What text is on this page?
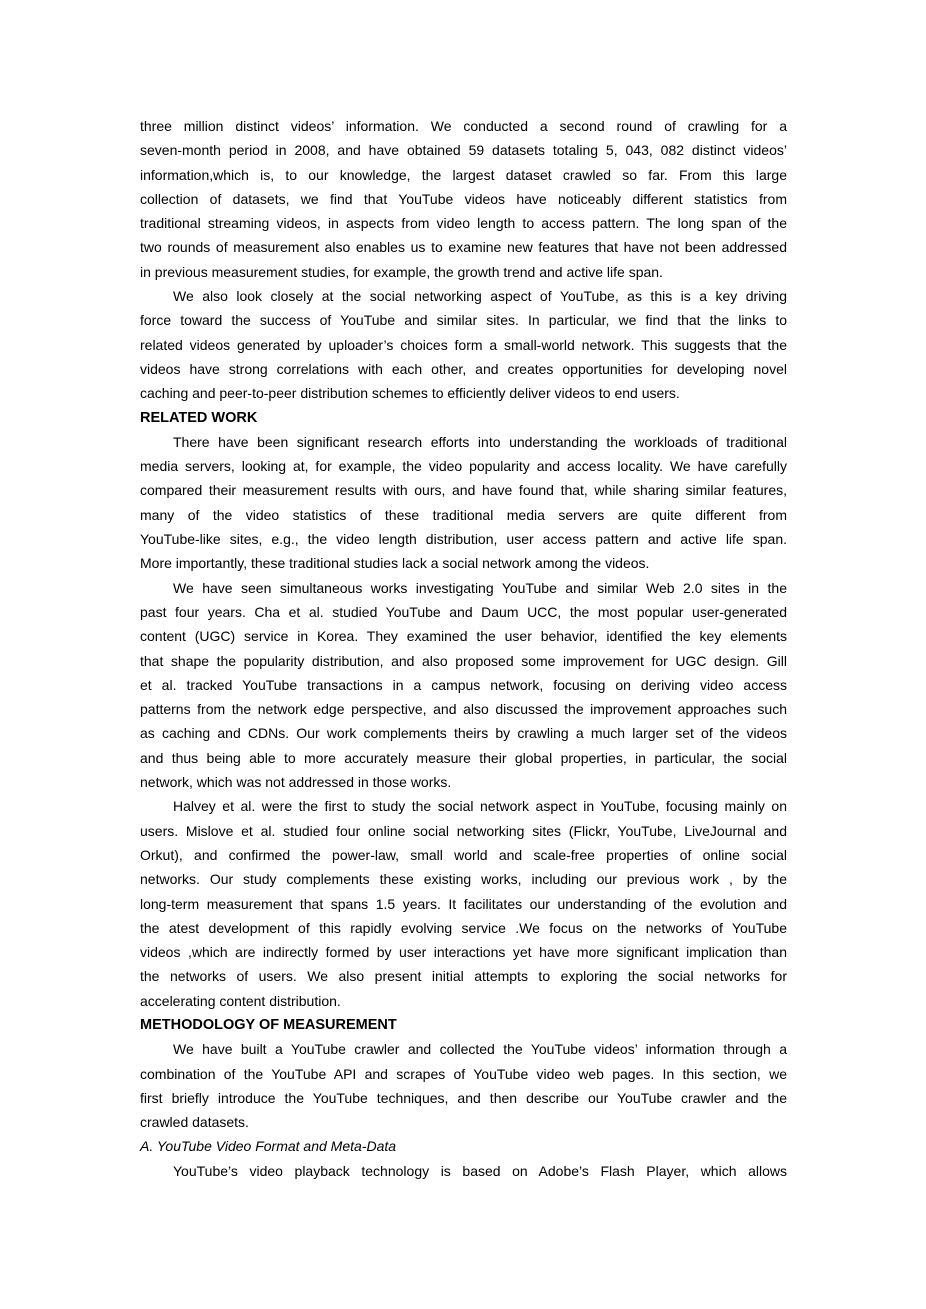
three million distinct videos’ information. We conducted a second round of crawling for a
seven-month period in 2008, and have obtained 59 datasets totaling 5, 043, 082 distinct videos’
information,which is, to our knowledge, the largest dataset crawled so far. From this large
collection of datasets, we find that YouTube videos have noticeably different statistics from
traditional streaming videos, in aspects from video length to access pattern. The long span of the
two rounds of measurement also enables us to examine new features that have not been addressed
in previous measurement studies, for example, the growth trend and active life span.
We also look closely at the social networking aspect of YouTube, as this is a key driving
force toward the success of YouTube and similar sites. In particular, we find that the links to
related videos generated by uploader’s choices form a small-world network. This suggests that the
videos have strong correlations with each other, and creates opportunities for developing novel
caching and peer-to-peer distribution schemes to efficiently deliver videos to end users.
RELATED WORK
There have been significant research efforts into understanding the workloads of traditional
media servers, looking at, for example, the video popularity and access locality. We have carefully
compared their measurement results with ours, and have found that, while sharing similar features,
many of the video statistics of these traditional media servers are quite different from
YouTube-like sites, e.g., the video length distribution, user access pattern and active life span.
More importantly, these traditional studies lack a social network among the videos.
We have seen simultaneous works investigating YouTube and similar Web 2.0 sites in the
past four years. Cha et al. studied YouTube and Daum UCC, the most popular user-generated
content (UGC) service in Korea. They examined the user behavior, identified the key elements
that shape the popularity distribution, and also proposed some improvement for UGC design. Gill
et al. tracked YouTube transactions in a campus network, focusing on deriving video access
patterns from the network edge perspective, and also discussed the improvement approaches such
as caching and CDNs. Our work complements theirs by crawling a much larger set of the videos
and thus being able to more accurately measure their global properties, in particular, the social
network, which was not addressed in those works.
Halvey et al. were the first to study the social network aspect in YouTube, focusing mainly on
users. Mislove et al. studied four online social networking sites (Flickr, YouTube, LiveJournal and
Orkut), and confirmed the power-law, small world and scale-free properties of online social
networks. Our study complements these existing works, including our previous work , by the
long-term measurement that spans 1.5 years. It facilitates our understanding of the evolution and
the atest development of this rapidly evolving service .We focus on the networks of YouTube
videos ,which are indirectly formed by user interactions yet have more significant implication than
the networks of users. We also present initial attempts to exploring the social networks for
accelerating content distribution.
METHODOLOGY OF MEASUREMENT
We have built a YouTube crawler and collected the YouTube videos’ information through a
combination of the YouTube API and scrapes of YouTube video web pages. In this section, we
first briefly introduce the YouTube techniques, and then describe our YouTube crawler and the
crawled datasets.
A. YouTube Video Format and Meta-Data
YouTube’s video playback technology is based on Adobe’s Flash Player, which allows
